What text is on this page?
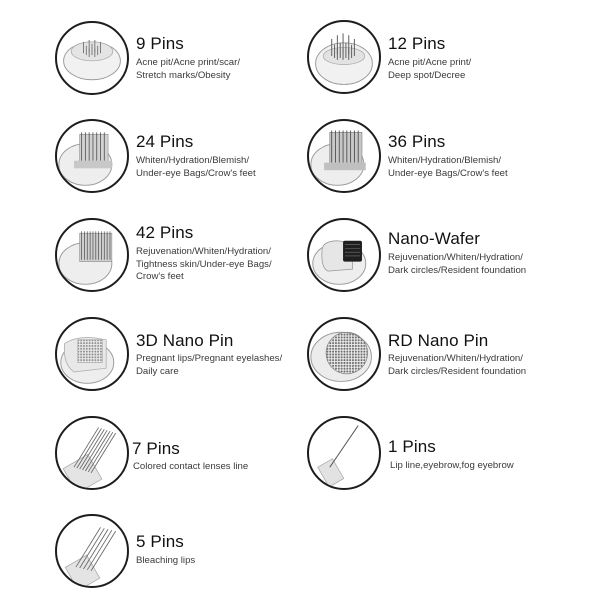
9 Pins
Acne pit/Acne print/scar/
Stretch marks/Obesity
12 Pins
Acne pit/Acne print/
Deep spot/Decree
24 Pins
Whiten/Hydration/Blemish/
Under-eye Bags/Crow's feet
36 Pins
Whiten/Hydration/Blemish/
Under-eye Bags/Crow's feet
42 Pins
Rejuvenation/Whiten/Hydration/
Tightness skin/Under-eye Bags/
Crow's feet
Nano-Wafer
Rejuvenation/Whiten/Hydration/
Dark circles/Resident foundation
3D Nano Pin
Pregnant lips/Pregnant eyelashes/
Daily care
RD Nano Pin
Rejuvenation/Whiten/Hydration/
Dark circles/Resident foundation
7 Pins
Colored contact lenses line
1 Pins
Lip line,eyebrow,fog eyebrow
5 Pins
Bleaching lips
